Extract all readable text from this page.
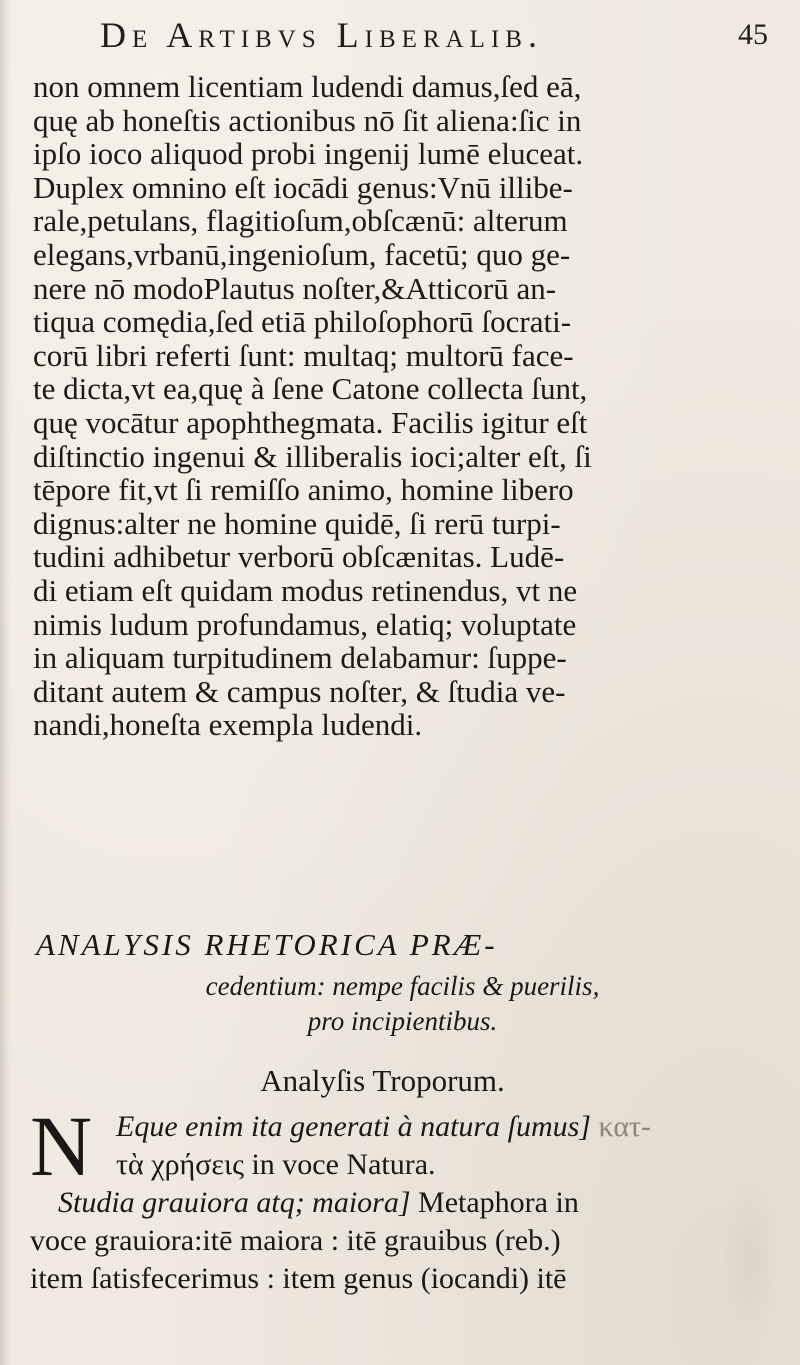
De Artibvs Liberalib.	45
non omnem licentiam ludendi damus,ſed eā,
quę ab honeſtis actionibus nō ſit aliena:ſic in
ipſo ioco aliquod probi ingenij lumē eluceat.
Duplex omnino eſt iocādi genus:Vnū illibe-
rale,petulans, flagitioſum,obſcænū: alterum
elegans,vrbanū,ingenioſum, facetū; quo ge-
nere nō modoPlautus noſter,&Atticorū an-
tiqua comędia,ſed etiā philoſophorū ſocrati-
corū libri referti ſunt: multaq; multorū face-
te dicta,vt ea,quę à ſene Catone collecta ſunt,
quę vocātur apophthegmata. Facilis igitur eſt
diſtinctio ingenui & illiberalis ioci;alter eſt, ſi
tēpore fit,vt ſi remiſſo animo, homine libero
dignus:alter ne homine quidē, ſi rerū turpi-
tudini adhibetur verborū obſcænitas. Ludē-
di etiam eſt quidam modus retinendus, vt ne
nimis ludum profundamus, elatiq; voluptate
in aliquam turpitudinem delabamur: ſuppe-
ditant autem & campus noſter, & ſtudia ve-
nandi,honeſta exempla ludendi.
ANALYSIS RHETORICA PRÆ-
cedentium: nempe facilis & puerilis,
pro incipientibus.
Analyſis Troporum.
N Eque enim ita generati à natura ſumus] κατ-
τὰ χρήσεις in voce Natura.
Studia grauiora atq; maiora] Metaphora in
voce grauiora:itē maiora : itē grauibus (reb.)
item ſatisfecerimus : item genus (iocandi) itē
